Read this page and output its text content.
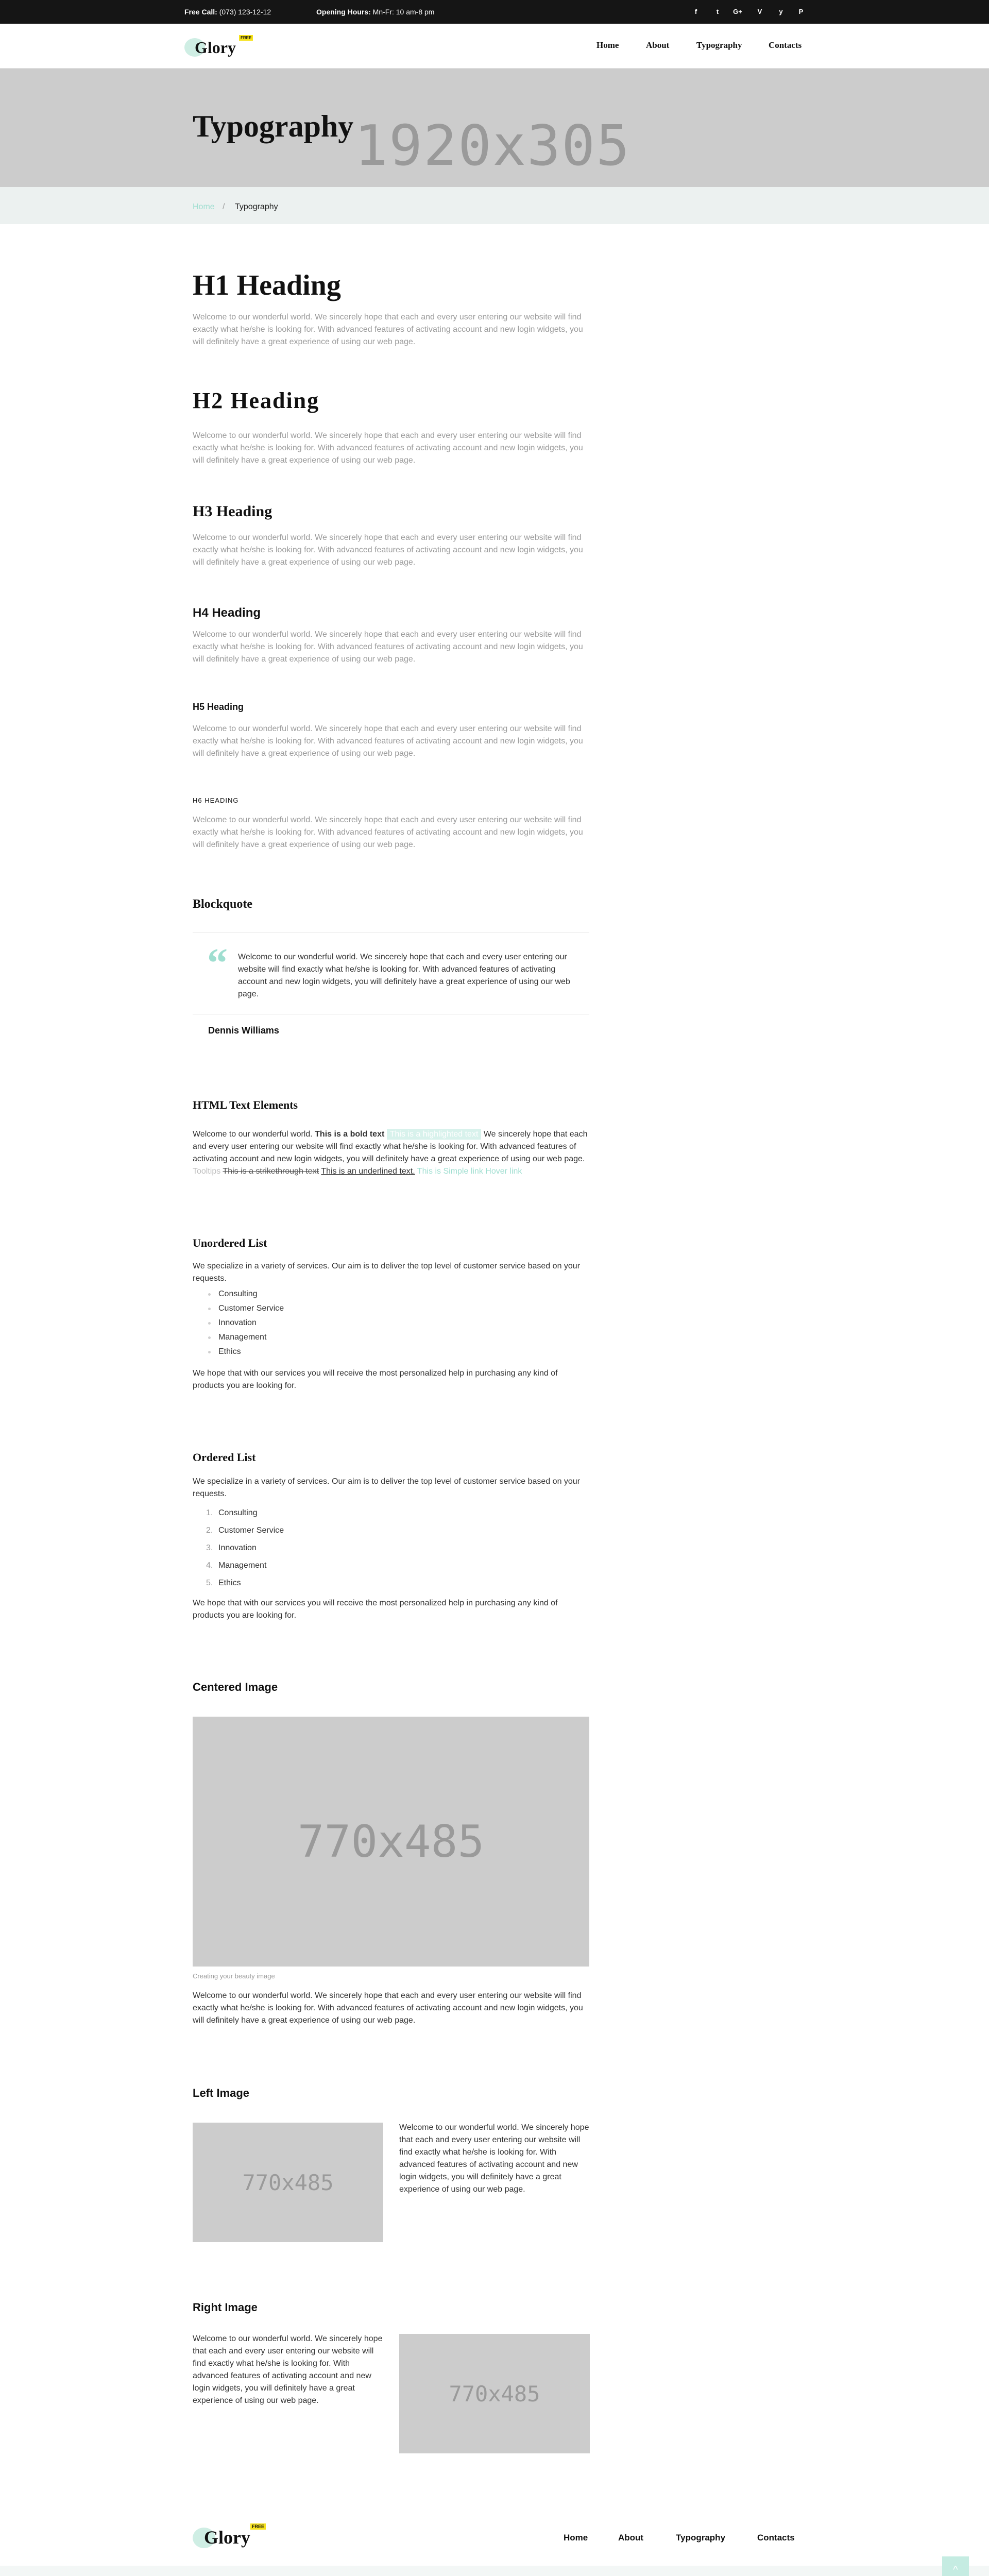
Free Call: (073) 123-12-12	Opening Hours: Mn-Fr: 10 am-8 pm	f	t	G+	V	y	P
Glory
FREE
Home	About	Typography	Contacts
1920x305
Typography
Home / Typography
H1 Heading

Welcome to our wonderful world. We sincerely hope that each and every user entering our website will find exactly what he/she is looking for. With advanced features of activating account and new login widgets, you will definitely have a great experience of using our web page.

H2 Heading

Welcome to our wonderful world. We sincerely hope that each and every user entering our website will find exactly what he/she is looking for. With advanced features of activating account and new login widgets, you will definitely have a great experience of using our web page.

H3 Heading

Welcome to our wonderful world. We sincerely hope that each and every user entering our website will find exactly what he/she is looking for. With advanced features of activating account and new login widgets, you will definitely have a great experience of using our web page.

H4 Heading

Welcome to our wonderful world. We sincerely hope that each and every user entering our website will find exactly what he/she is looking for. With advanced features of activating account and new login widgets, you will definitely have a great experience of using our web page.

H5 Heading

Welcome to our wonderful world. We sincerely hope that each and every user entering our website will find exactly what he/she is looking for. With advanced features of activating account and new login widgets, you will definitely have a great experience of using our web page.

H6 HEADING

Welcome to our wonderful world. We sincerely hope that each and every user entering our website will find exactly what he/she is looking for. With advanced features of activating account and new login widgets, you will definitely have a great experience of using our web page.

Blockquote
“ Welcome to our wonderful world. We sincerely hope that each and every user entering our website will find exactly what he/she is looking for. With advanced features of activating account and new login widgets, you will definitely have a great experience of using our web page.

Dennis Williams
HTML Text Elements

Welcome to our wonderful world. This is a bold text This is a highlighted text We sincerely hope that each and every user entering our website will find exactly what he/she is looking for. With advanced features of activating account and new login widgets, you will definitely have a great experience of using our web page. Tooltips This is a strikethrough text This is an underlined text. This is Simple link Hover link

Unordered List

We specialize in a variety of services. Our aim is to deliver the top level of customer service based on your requests.

Consulting
Customer Service
Innovation
Management
Ethics

We hope that with our services you will receive the most personalized help in purchasing any kind of products you are looking for.

Ordered List

We specialize in a variety of services. Our aim is to deliver the top level of customer service based on your requests.

1. Consulting
2. Customer Service
3. Innovation
4. Management
5. Ethics

We hope that with our services you will receive the most personalized help in purchasing any kind of products you are looking for.

Centered Image
770x485
Creating your beauty image

Welcome to our wonderful world. We sincerely hope that each and every user entering our website will find exactly what he/she is looking for. With advanced features of activating account and new login widgets, you will definitely have a great experience of using our web page.

Left Image
770x485

Welcome to our wonderful world. We sincerely hope that each and every user entering our website will find exactly what he/she is looking for. With advanced features of activating account and new login widgets, you will definitely have a great experience of using our web page.

Right Image

Welcome to our wonderful world. We sincerely hope that each and every user entering our website will find exactly what he/she is looking for. With advanced features of activating account and new login widgets, you will definitely have a great experience of using our web page.	770x485
Glory
FREE
Home	About	Typography	Contacts
^
